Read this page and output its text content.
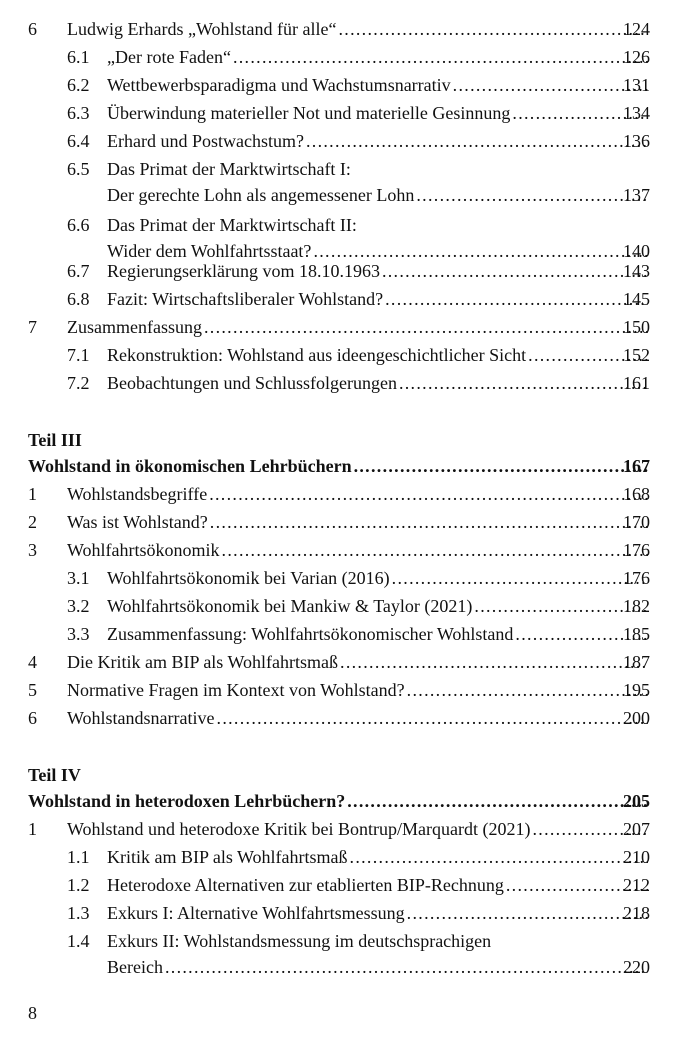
6 Ludwig Erhards „Wohlstand für alle“ . . .	124
6.1 „Der rote Faden“ . . .	126
6.2 Wettbewerbsparadigma und Wachstumsnarrativ . . .	131
6.3 Überwindung materieller Not und materielle Gesinnung . . .	134
6.4 Erhard und Postwachstum? . . .	136
6.5 Das Primat der Marktwirtschaft I:
Der gerechte Lohn als angemessener Lohn . . .	137
6.6 Das Primat der Marktwirtschaft II:
Wider dem Wohlfahrtsstaat? . . .	140
6.7 Regierungserklärung vom 18.10.1963 . . .	143
6.8 Fazit: Wirtschaftsliberaler Wohlstand? . . .	145
7 Zusammenfassung . . .	150
7.1 Rekonstruktion: Wohlstand aus ideengeschichtlicher Sicht . . .	152
7.2 Beobachtungen und Schlussfolgerungen . . .	161
Teil III
Wohlstand in ökonomischen Lehrbüchern . . .	167
1 Wohlstandsbegriffe . . .	168
2 Was ist Wohlstand? . . .	170
3 Wohlfahrtsökonomik . . .	176
3.1 Wohlfahrtsökonomik bei Varian (2016) . . .	176
3.2 Wohlfahrtsökonomik bei Mankiw & Taylor (2021) . . .	182
3.3 Zusammenfassung: Wohlfahrtsökonomischer Wohlstand . . .	185
4 Die Kritik am BIP als Wohlfahrtsmaß . . .	187
5 Normative Fragen im Kontext von Wohlstand? . . .	195
6 Wohlstandsnarrative . . .	200
Teil IV
Wohlstand in heterodoxen Lehrbüchern? . . .	205
1 Wohlstand und heterodoxe Kritik bei Bontrup/Marquardt (2021) . . .	207
1.1 Kritik am BIP als Wohlfahrtsmaß . . .	210
1.2 Heterodoxe Alternativen zur etablierten BIP-Rechnung . . .	212
1.3 Exkurs I: Alternative Wohlfahrtsmessung . . .	218
1.4 Exkurs II: Wohlstandsmessung im deutschsprachigen
Bereich . . .	220
8
